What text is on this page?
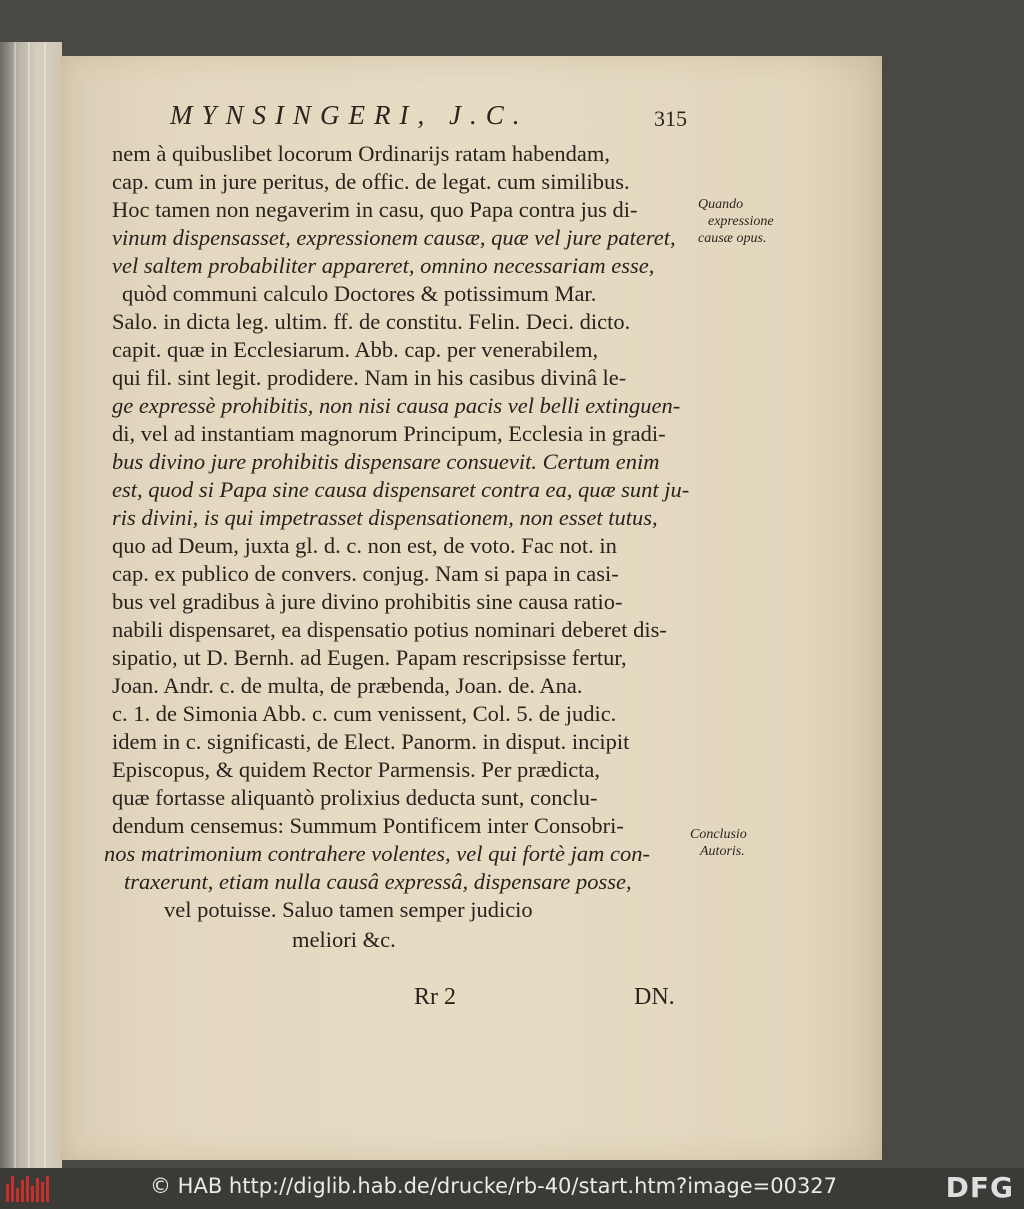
MYNSINGERI, J.C.	315
nem à quibuslibet locorum Ordinarijs ratam habendam,
cap. cum in jure peritus, de offic. de legat. cum similibus.
Hoc tamen non negaverim in casu, quo Papa contra jus di-
vinum dispensasset, expressionem causæ, quæ vel jure pateret,
vel saltem probabiliter appareret, omnino necessariam esse,
quòd communi calculo Doctores & potissimum Mar.
Salo. in dicta leg. ultim. ff. de constitu. Felin. Deci. dicto.
capit. quæ in Ecclesiarum. Abb. cap. per venerabilem,
qui fil. sint legit. prodidere. Nam in his casibus divinâ le-
ge expressè prohibitis, non nisi causa pacis vel belli extinguen-
di, vel ad instantiam magnorum Principum, Ecclesia in gradi-
bus divino jure prohibitis dispensare consuevit. Certum enim
est, quod si Papa sine causa dispensaret contra ea, quæ sunt ju-
ris divini, is qui impetrasset dispensationem, non esset tutus,
quo ad Deum, juxta gl. d. c. non est, de voto. Fac not. in
cap. ex publico de convers. conjug. Nam si papa in casi-
bus vel gradibus à jure divino prohibitis sine causa ratio-
nabili dispensaret, ea dispensatio potius nominari deberet dis-
sipatio, ut D. Bernh. ad Eugen. Papam rescripsisse fertur,
Joan. Andr. c. de multa, de præbenda, Joan. de. Ana.
c. 1. de Simonia Abb. c. cum venissent, Col. 5. de judic.
idem in c. significasti, de Elect. Panorm. in disput. incipit
Episcopus, & quidem Rector Parmensis. Per prædicta,
quæ fortasse aliquantò prolixius deducta sunt, conclu-
dendum censemus: Summum Pontificem inter Consobri-
nos matrimonium contrahere volentes, vel qui fortè jam con-
traxerunt, etiam nulla causâ expressâ, dispensare posse,
vel potuisse. Saluo tamen semper judicio
meliori &c.
Quando
expressione
causæ opus.
Conclusio
Autoris.
Rr 2	DN.
© HAB http://diglib.hab.de/drucke/rb-40/start.htm?image=00327	DFG
